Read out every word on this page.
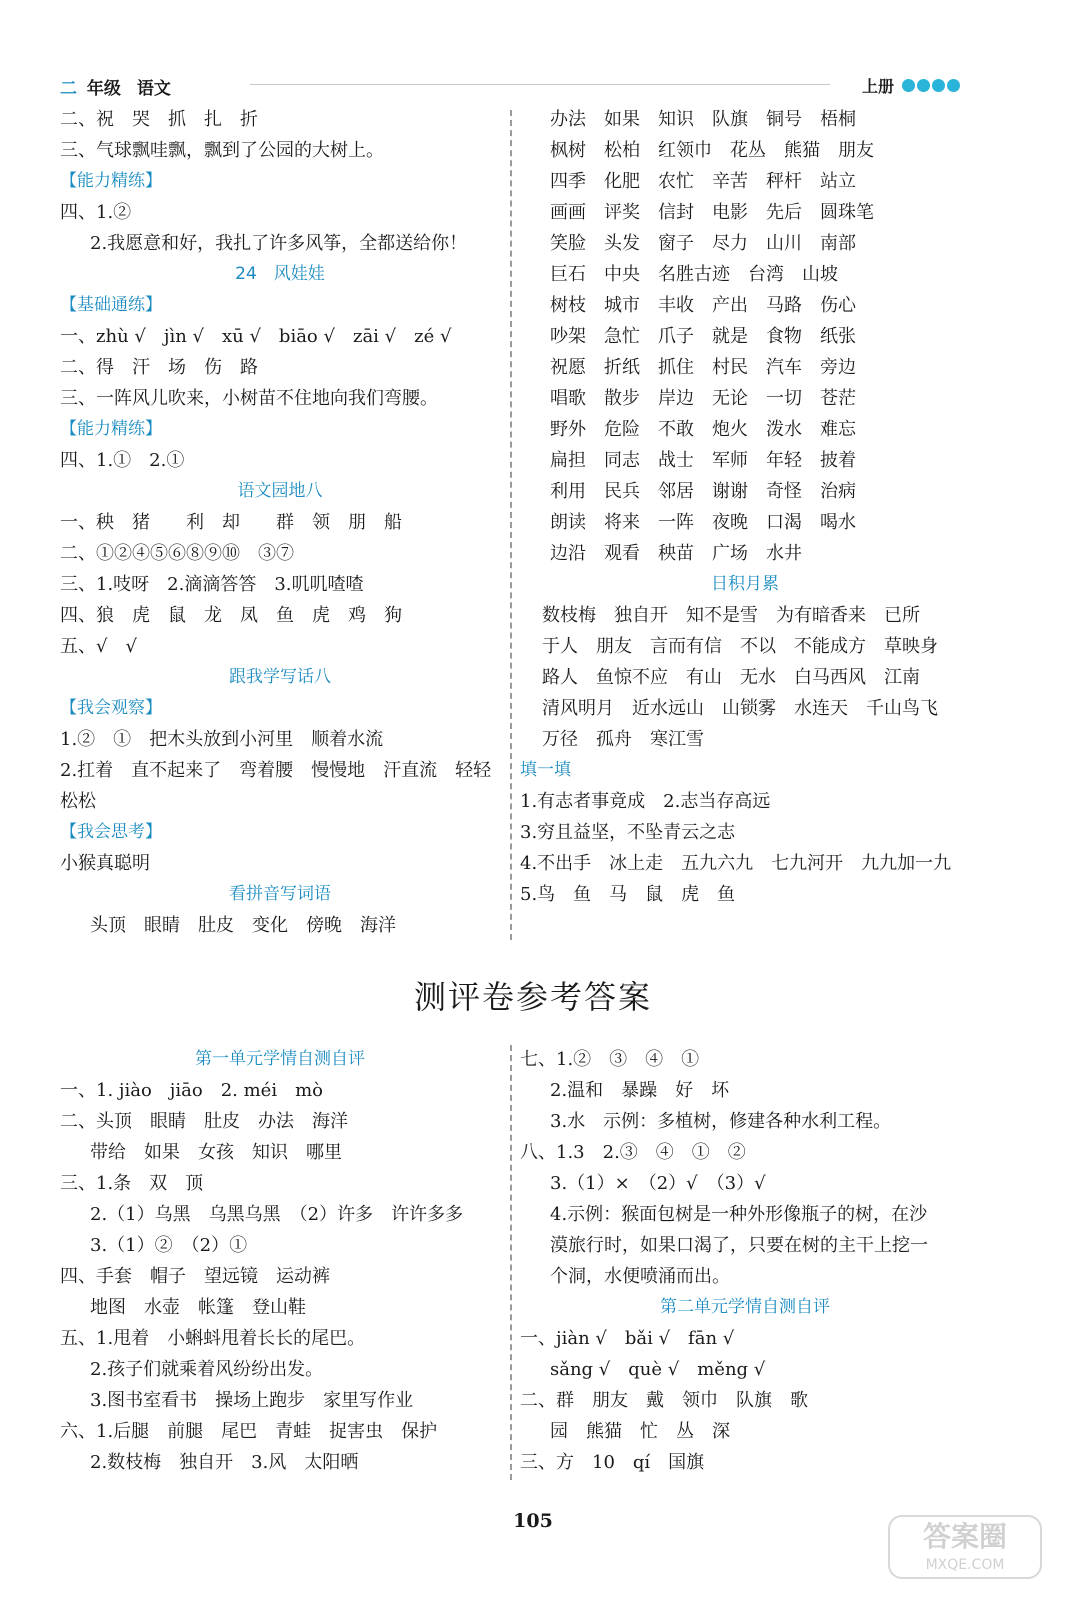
二 年级 语文	上册
二、祝　哭　抓　扎　折
三、气球飘哇飘，飘到了公园的大树上。
【能力精练】
四、1.②
2.我愿意和好，我扎了许多风筝，全都送给你！
24　风娃娃
【基础通练】
一、zhù √　jìn √　xū √　biāo √　zāi √　zé √
二、得　汗　场　伤　路
三、一阵风儿吹来，小树苗不住地向我们弯腰。
【能力精练】
四、1.①　2.①
语文园地八
一、秧　猪　　利　却　　群　领　朋　船
二、①②④⑤⑥⑧⑨⑩　③⑦
三、1.吱呀　2.滴滴答答　3.叽叽喳喳
四、狼　虎　鼠　龙　凤　鱼　虎　鸡　狗
五、√　√
跟我学写话八
【我会观察】
1.②　①　把木头放到小河里　顺着水流
2.扛着　直不起来了　弯着腰　慢慢地　汗直流　轻轻
松松
【我会思考】
小猴真聪明
看拼音写词语
头顶　眼睛　肚皮　变化　傍晚　海洋
办法　如果　知识　队旗　铜号　梧桐
枫树　松柏　红领巾　花丛　熊猫　朋友
四季　化肥　农忙　辛苦　秤杆　站立
画画　评奖　信封　电影　先后　圆珠笔
笑脸　头发　窗子　尽力　山川　南部
巨石　中央　名胜古迹　台湾　山坡
树枝　城市　丰收　产出　马路　伤心
吵架　急忙　爪子　就是　食物　纸张
祝愿　折纸　抓住　村民　汽车　旁边
唱歌　散步　岸边　无论　一切　苍茫
野外　危险　不敢　炮火　泼水　难忘
扁担　同志　战士　军师　年轻　披着
利用　民兵　邻居　谢谢　奇怪　治病
朗读　将来　一阵　夜晚　口渴　喝水
边沿　观看　秧苗　广场　水井
日积月累
数枝梅　独自开　知不是雪　为有暗香来　已所
于人　朋友　言而有信　不以　不能成方　草映身
路人　鱼惊不应　有山　无水　白马西风　江南
清风明月　近水远山　山锁雾　水连天　千山鸟飞
万径　孤舟　寒江雪
填一填
1.有志者事竟成　2.志当存高远
3.穷且益坚，不坠青云之志
4.不出手　冰上走　五九六九　七九河开　九九加一九
5.鸟　鱼　马　鼠　虎　鱼
测评卷参考答案
第一单元学情自测自评
一、1. jiào　jiāo　2. méi　mò
二、头顶　眼睛　肚皮　办法　海洋
带给　如果　女孩　知识　哪里
三、1.条　双　顶
2.（1）乌黑　乌黑乌黑　（2）许多　许许多多
3.（1）②　（2）①
四、手套　帽子　望远镜　运动裤
地图　水壶　帐篷　登山鞋
五、1.甩着　小蝌蚪甩着长长的尾巴。
2.孩子们就乘着风纷纷出发。
3.图书室看书　操场上跑步　家里写作业
六、1.后腿　前腿　尾巴　青蛙　捉害虫　保护
2.数枝梅　独自开　3.风　太阳晒
七、1.②　③　④　①
2.温和　暴躁　好　坏
3.水　示例：多植树，修建各种水利工程。
八、1.3　2.③　④　①　②
3.（1）×　（2）√　（3）√
4.示例：猴面包树是一种外形像瓶子的树，在沙
漠旅行时，如果口渴了，只要在树的主干上挖一
个洞，水便喷涌而出。
第二单元学情自测自评
一、jiàn √　bǎi √　fān √
sǎng √　què √　měng √
二、群　朋友　戴　领巾　队旗　歌
园　熊猫　忙　丛　深
三、方　10　qí　国旗
105	答案圈
MXQE.COM
